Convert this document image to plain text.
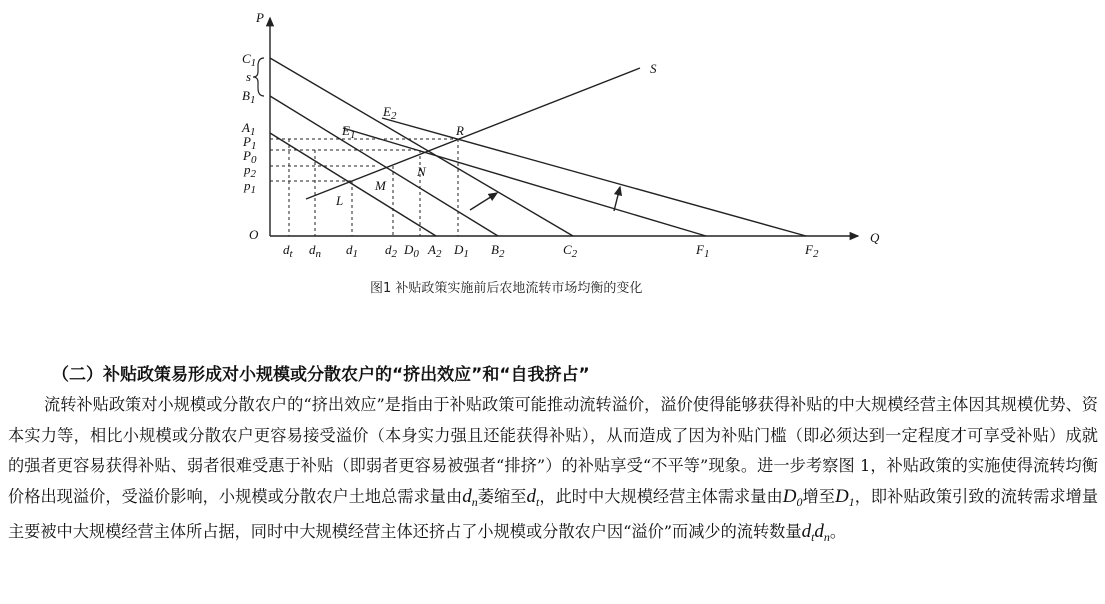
P
Q
O
$C_1$
s
$B_1$
$A_1$
$P_1$
$P_0$
$p_2$
$p_1$
$d_t$ $d_n$ $d_1$ $d_2$ $D_0$ $A_2$ $D_1$ $B_2$	$C_2$	$F_1$	$F_2$
S
$E_2$
$E_1$	R
M
N
L
图1 补贴政策实施前后农地流转市场均衡的变化
（二）补贴政策易形成对小规模或分散农户的“挤出效应”和“自我挤占”

流转补贴政策对小规模或分散农户的“挤出效应”是指由于补贴政策可能推动流转溢价，溢价使得能够获得补贴的中大规模经营主体因其规模优势、资本实力等，相比小规模或分散农户更容易接受溢价（本身实力强且还能获得补贴），从而造成了因为补贴门槛（即必须达到一定程度才可享受补贴）成就的强者更容易获得补贴、弱者很难受惠于补贴（即弱者更容易被强者“排挤”）的补贴享受“不平等”现象。进一步考察图 1，补贴政策的实施使得流转均衡价格出现溢价，受溢价影响，小规模或分散农户土地总需求量由$d_n$萎缩至$d_t$，此时中大规模经营主体需求量由$D_0$增至$D_1$，即补贴政策引致的流转需求增量主要被中大规模经营主体所占据，同时中大规模经营主体还挤占了小规模或分散农户因“溢价”而减少的流转数量$d_td_n$。
